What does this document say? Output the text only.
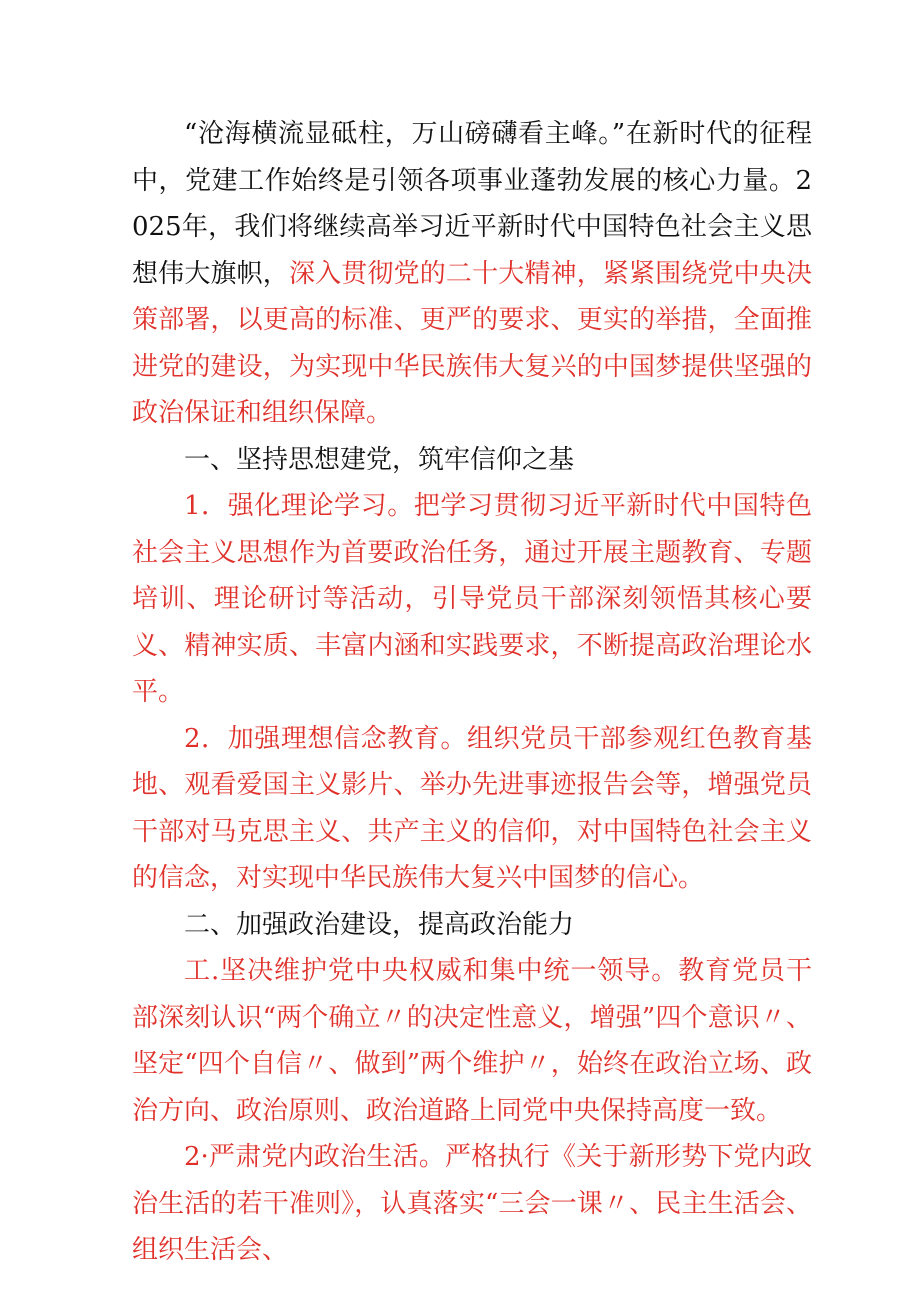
“沧海横流显砥柱，万山磅礴看主峰。”在新时代的征程中，党建工作始终是引领各项事业蓬勃发展的核心力量。2025年，我们将继续高举习近平新时代中国特色社会主义思想伟大旗帜，深入贯彻党的二十大精神，紧紧围绕党中央决策部署，以更高的标准、更严的要求、更实的举措，全面推进党的建设，为实现中华民族伟大复兴的中国梦提供坚强的政治保证和组织保障。

一、坚持思想建党，筑牢信仰之基

1．强化理论学习。把学习贯彻习近平新时代中国特色社会主义思想作为首要政治任务，通过开展主题教育、专题培训、理论研讨等活动，引导党员干部深刻领悟其核心要义、精神实质、丰富内涵和实践要求，不断提高政治理论水平。

2．加强理想信念教育。组织党员干部参观红色教育基地、观看爱国主义影片、举办先进事迹报告会等，增强党员干部对马克思主义、共产主义的信仰，对中国特色社会主义的信念，对实现中华民族伟大复兴中国梦的信心。

二、加强政治建设，提高政治能力

工.坚决维护党中央权威和集中统一领导。教育党员干部深刻认识“两个确立〃的决定性意义，增强”四个意识〃、坚定“四个自信〃、做到”两个维护〃，始终在政治立场、政治方向、政治原则、政治道路上同党中央保持高度一致。

2·严肃党内政治生活。严格执行《关于新形势下党内政治生活的若干准则》，认真落实“三会一课〃、民主生活会、组织生活会、
